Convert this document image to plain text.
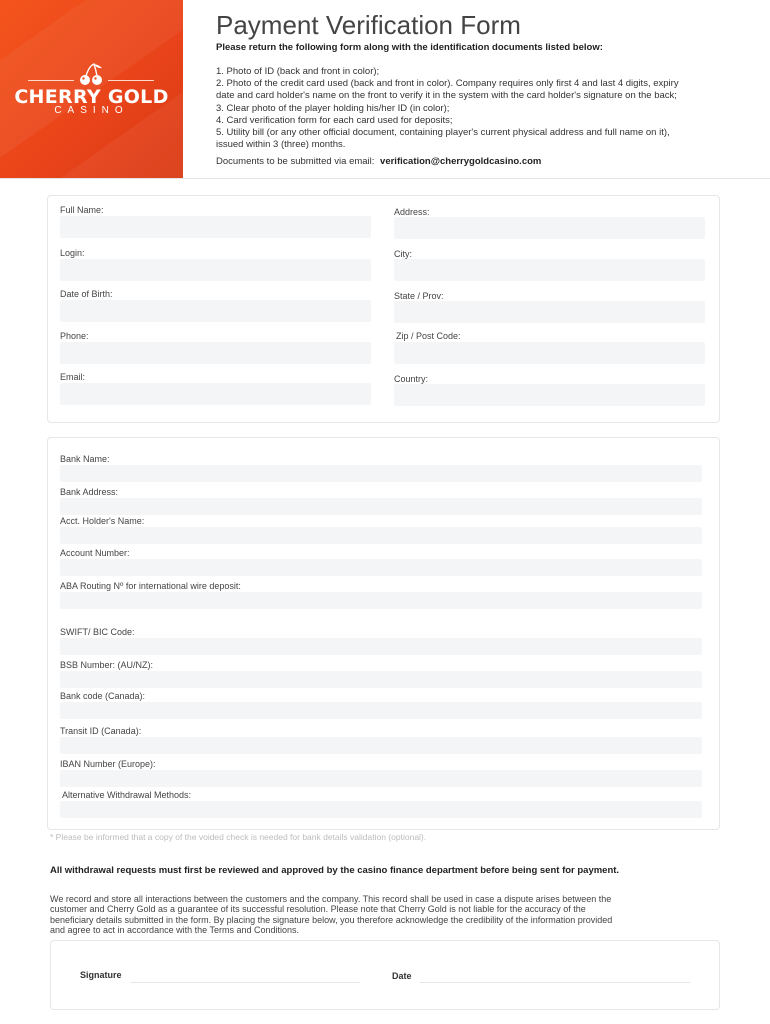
CHERRY GOLD
CASINO
Payment Verification Form
Please return the following form along with the identification documents listed below:
1. Photo of ID (back and front in color);
2. Photo of the credit card used (back and front in color). Company requires only first 4 and last 4 digits, expiry
date and card holder's name on the front to verify it in the system with the card holder's signature on the back;
3. Clear photo of the player holding his/her ID (in color);
4. Card verification form for each card used for deposits;
5. Utility bill (or any other official document, containing player's current physical address and full name on it),
issued within 3 (three) months.
Documents to be submitted via email: verification@cherrygoldcasino.com
Full Name:
Login:
Date of Birth:
Phone:
Email:
Address:
City:
State / Prov:
Zip / Post Code:
Country:
Bank Name:
Bank Address:
Acct. Holder's Name:
Account Number:
ABA Routing Nº for international wire deposit:
SWIFT/ BIC Code:
BSB Number: (AU/NZ):
Bank code (Canada):
Transit ID (Canada):
IBAN Number (Europe):
Alternative Withdrawal Methods:
* Please be informed that a copy of the voided check is needed for bank details validation (optional).
All withdrawal requests must first be reviewed and approved by the casino finance department before being sent for payment.
We record and store all interactions between the customers and the company. This record shall be used in case a dispute arises between the
customer and Cherry Gold as a guarantee of its successful resolution. Please note that Cherry Gold is not liable for the accuracy of the
beneficiary details submitted in the form. By placing the signature below, you therefore acknowledge the credibility of the information provided
and agree to act in accordance with the Terms and Conditions.
Signature	Date
